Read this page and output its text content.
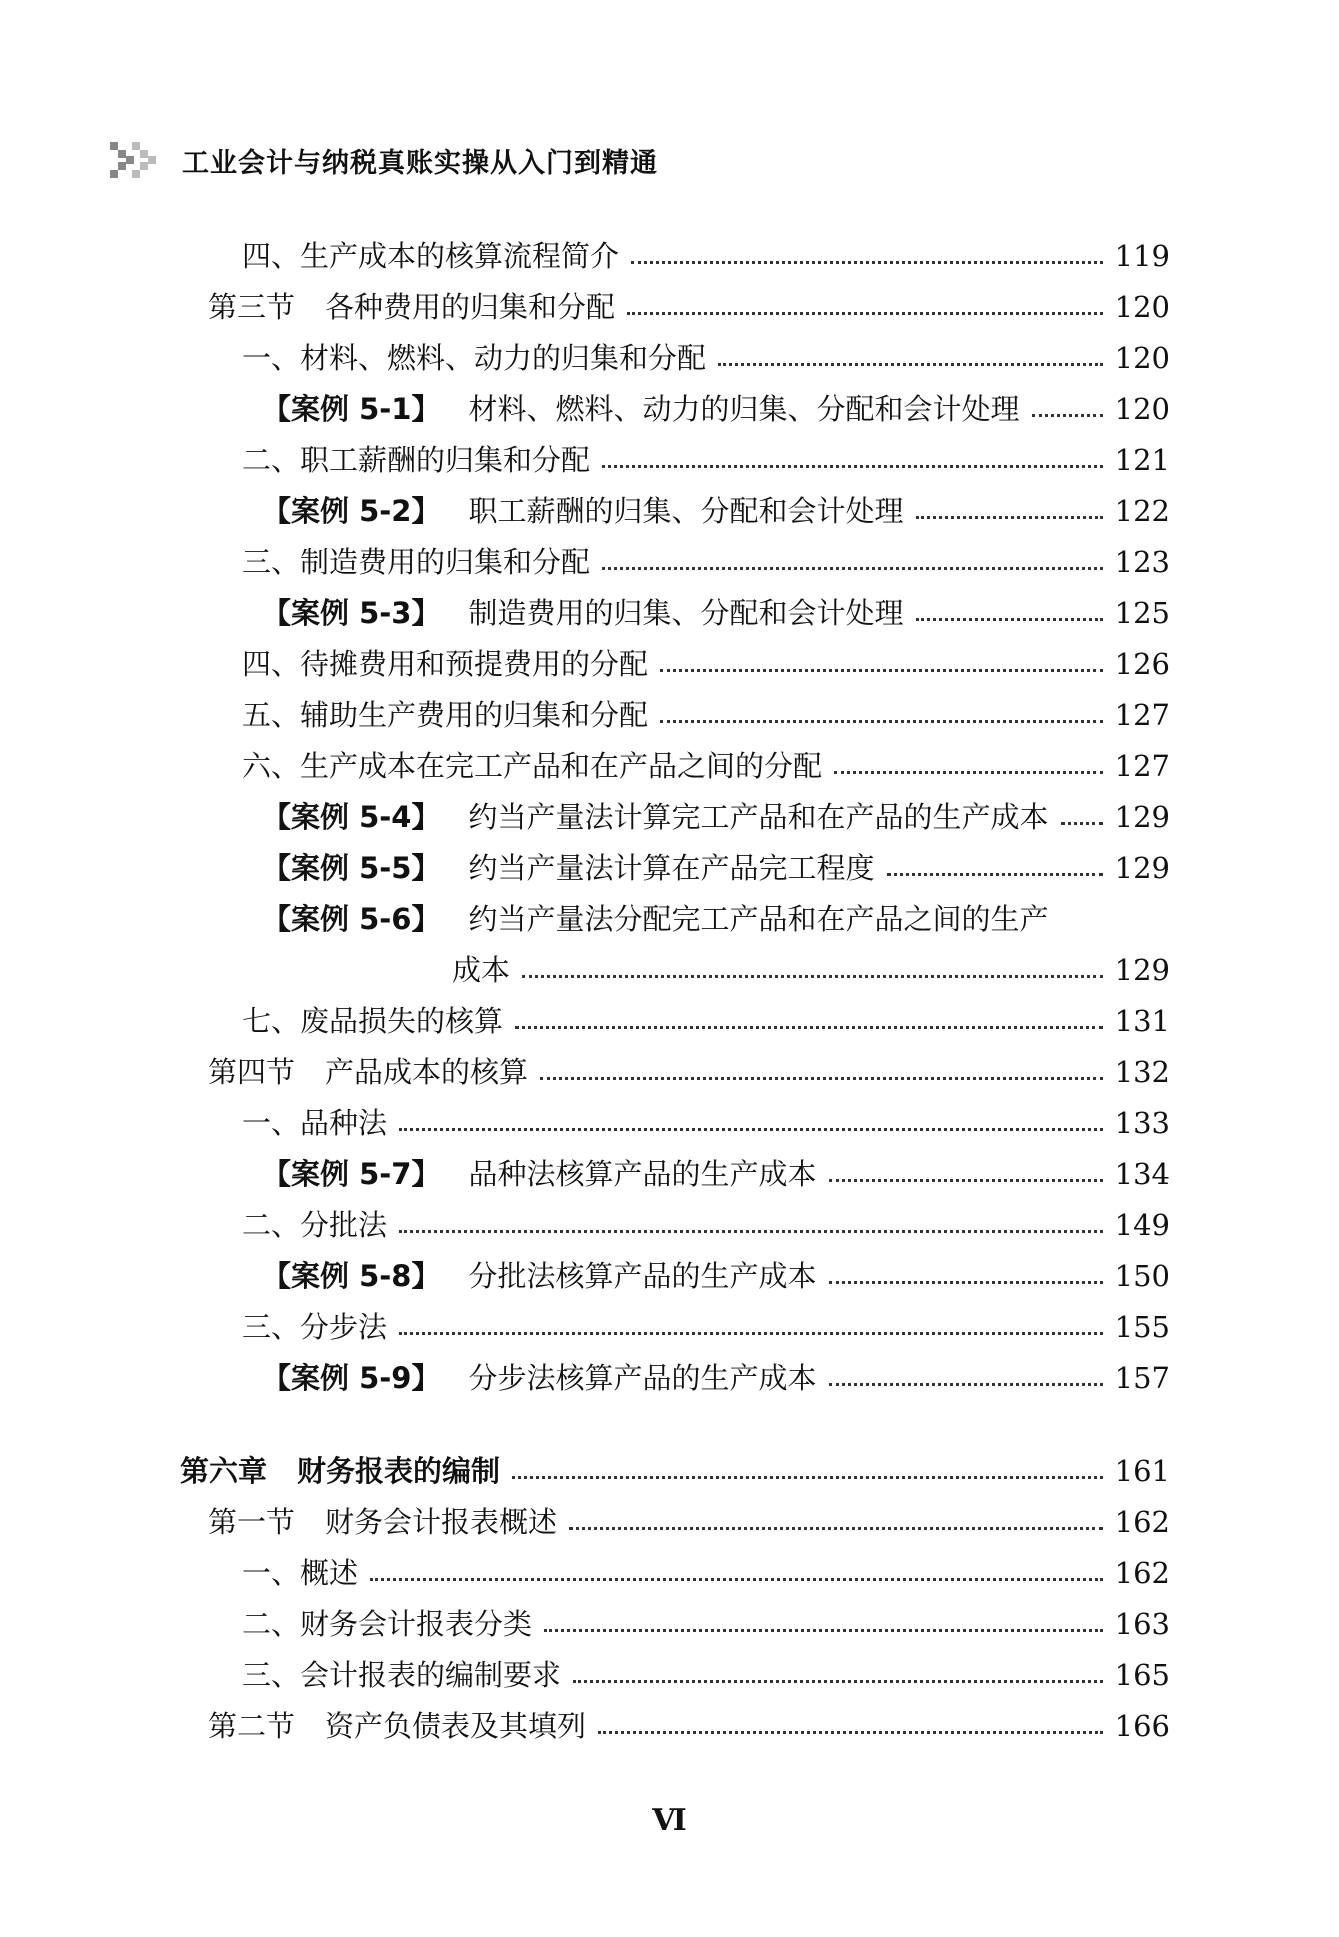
工业会计与纳税真账实操从入门到精通
四、生产成本的核算流程简介	119
第三节 各种费用的归集和分配	120
一、材料、燃料、动力的归集和分配	120
【案例 5-1】 材料、燃料、动力的归集、分配和会计处理	120
二、职工薪酬的归集和分配	121
【案例 5-2】 职工薪酬的归集、分配和会计处理	122
三、制造费用的归集和分配	123
【案例 5-3】 制造费用的归集、分配和会计处理	125
四、待摊费用和预提费用的分配	126
五、辅助生产费用的归集和分配	127
六、生产成本在完工产品和在产品之间的分配	127
【案例 5-4】 约当产量法计算完工产品和在产品的生产成本 129
【案例 5-5】 约当产量法计算在产品完工程度	129
【案例 5-6】 约当产量法分配完工产品和在产品之间的生产
成本	129
七、废品损失的核算	131
第四节 产品成本的核算	132
一、品种法	133
【案例 5-7】 品种法核算产品的生产成本	134
二、分批法	149
【案例 5-8】 分批法核算产品的生产成本	150
三、分步法	155
【案例 5-9】 分步法核算产品的生产成本	157
第六章 财务报表的编制	161
第一节 财务会计报表概述	162
一、概述	162
二、财务会计报表分类	163
三、会计报表的编制要求	165
第二节 资产负债表及其填列	166
Ⅵ
